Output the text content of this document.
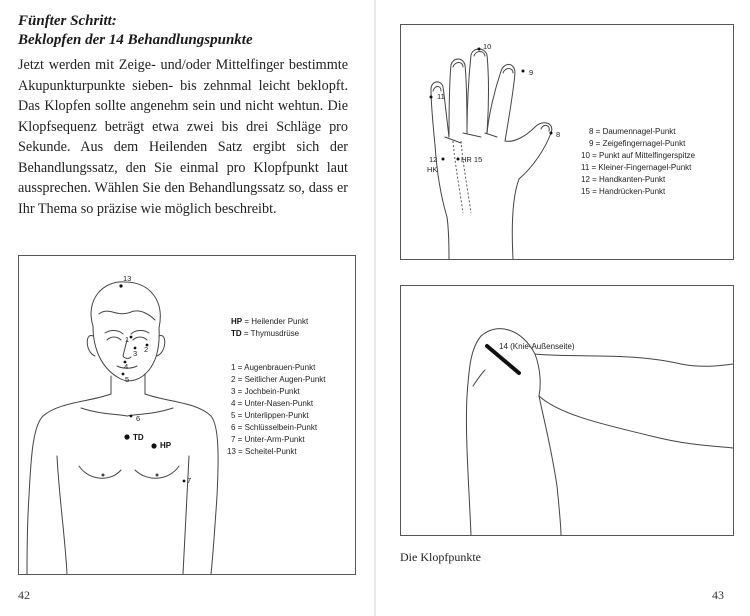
Fünfter Schritt:
Beklopfen der 14 Behandlungspunkte
Jetzt werden mit Zeige- und/oder Mittelfinger bestimmte Akupunkturpunkte sieben- bis zehnmal leicht beklopft. Das Klopfen sollte angenehm sein und nicht wehtun. Die Klopfsequenz beträgt etwa zwei bis drei Schläge pro Sekunde. Aus dem Heilenden Satz ergibt sich der Behandlungssatz, den Sie einmal pro Klopfpunkt laut aussprechen. Wählen Sie den Behandlungssatz so, dass er Ihr Thema so präzise wie möglich beschreibt.
13
1
2
3
4
5
6
TD
HP
7
HP = Heilender Punkt
TD = Thymusdrüse
1 = Augenbrauen-Punkt
2 = Seitlicher Augen-Punkt
3 = Jochbein-Punkt
4 = Unter-Nasen-Punkt
5 = Unterlippen-Punkt
6 = Schlüsselbein-Punkt
7 = Unter-Arm-Punkt
13 = Scheitel-Punkt
42
10
9
11
8
12
HK
HR 15
8 = Daumennagel-Punkt
9 = Zeigefingernagel-Punkt
10 = Punkt auf Mittelfingerspitze
11 = Kleiner-Fingernagel-Punkt
12 = Handkanten-Punkt
15 = Handrücken-Punkt
14 (Knie-Außenseite)
Die Klopfpunkte
43
